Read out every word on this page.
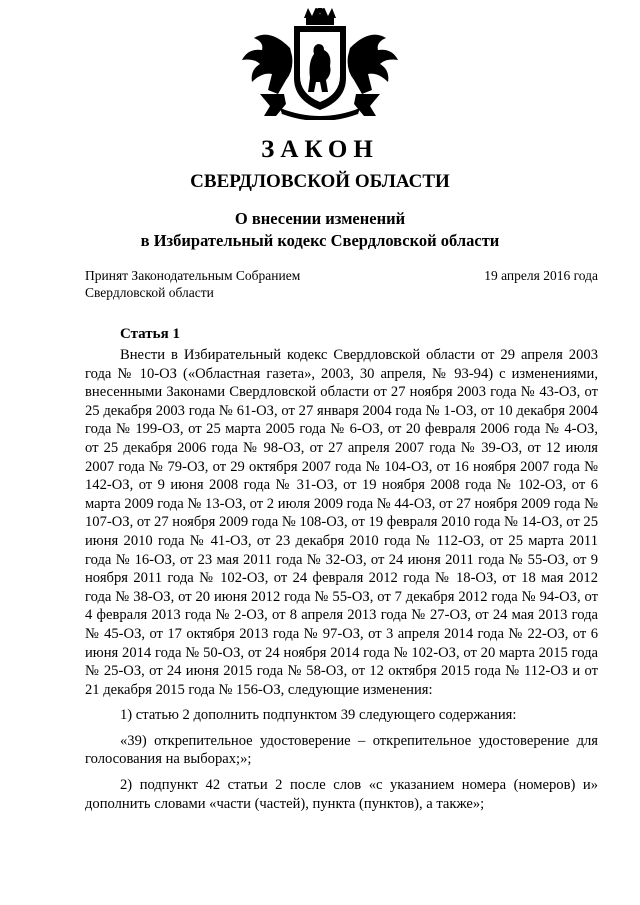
ЗАКОН
СВЕРДЛОВСКОЙ ОБЛАСТИ
О внесении изменений
в Избирательный кодекс Свердловской области
Принят Законодательным Собранием
Свердловской области
19 апреля 2016 года
Статья 1

Внести в Избирательный кодекс Свердловской области от 29 апреля 2003 года № 10-ОЗ («Областная газета», 2003, 30 апреля, № 93-94) с изменениями, внесенными Законами Свердловской области от 27 ноября 2003 года № 43-ОЗ, от 25 декабря 2003 года № 61-ОЗ, от 27 января 2004 года № 1-ОЗ, от 10 декабря 2004 года № 199-ОЗ, от 25 марта 2005 года № 6-ОЗ, от 20 февраля 2006 года № 4-ОЗ, от 25 декабря 2006 года № 98-ОЗ, от 27 апреля 2007 года № 39-ОЗ, от 12 июля 2007 года № 79-ОЗ, от 29 октября 2007 года № 104-ОЗ, от 16 ноября 2007 года № 142-ОЗ, от 9 июня 2008 года № 31-ОЗ, от 19 ноября 2008 года № 102-ОЗ, от 6 марта 2009 года № 13-ОЗ, от 2 июля 2009 года № 44-ОЗ, от 27 ноября 2009 года № 107-ОЗ, от 27 ноября 2009 года № 108-ОЗ, от 19 февраля 2010 года № 14-ОЗ, от 25 июня 2010 года № 41-ОЗ, от 23 декабря 2010 года № 112-ОЗ, от 25 марта 2011 года № 16-ОЗ, от 23 мая 2011 года № 32-ОЗ, от 24 июня 2011 года № 55-ОЗ, от 9 ноября 2011 года № 102-ОЗ, от 24 февраля 2012 года № 18-ОЗ, от 18 мая 2012 года № 38-ОЗ, от 20 июня 2012 года № 55-ОЗ, от 7 декабря 2012 года № 94-ОЗ, от 4 февраля 2013 года № 2-ОЗ, от 8 апреля 2013 года № 27-ОЗ, от 24 мая 2013 года № 45-ОЗ, от 17 октября 2013 года № 97-ОЗ, от 3 апреля 2014 года № 22-ОЗ, от 6 июня 2014 года № 50-ОЗ, от 24 ноября 2014 года № 102-ОЗ, от 20 марта 2015 года № 25-ОЗ, от 24 июня 2015 года № 58-ОЗ, от 12 октября 2015 года № 112-ОЗ и от 21 декабря 2015 года № 156-ОЗ, следующие изменения:

1) статью 2 дополнить подпунктом 39 следующего содержания:

«39) открепительное удостоверение – открепительное удостоверение для голосования на выборах;»;

2) подпункт 42 статьи 2 после слов «с указанием номера (номеров) и» дополнить словами «части (частей), пункта (пунктов), а также»;
